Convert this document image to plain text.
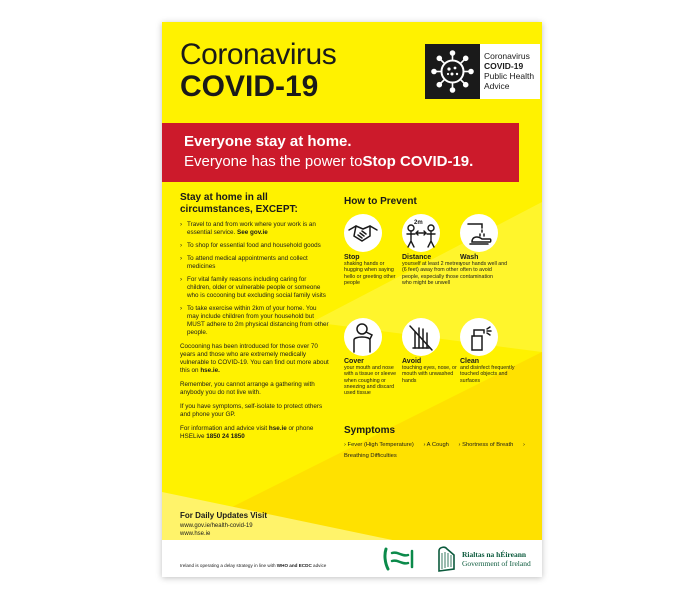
Coronavirus
COVID-19
Coronavirus
COVID-19
Public Health
Advice
Everyone stay at home.
Everyone has the power toStop COVID-19.
Stay at home in all circumstances, EXCEPT:
› Travel to and from work where your work is an essential service. See gov.ie
› To shop for essential food and household goods
› To attend medical appointments and collect medicines
› For vital family reasons including caring for children, older or vulnerable people or someone who is cocooning but excluding social family visits
› To take exercise within 2km of your home. You may include children from your household but MUST adhere to 2m physical distancing from other people.

Cocooning has been introduced for those over 70 years and those who are extremely medically vulnerable to COVID-19. You can find out more about this on hse.ie.

Remember, you cannot arrange a gathering with anybody you do not live with.

If you have symptoms, self-isolate to protect others and phone your GP.

For information and advice visit hse.ie or phone HSELive 1850 24 1850

For Daily Updates Visit
www.gov.ie/health-covid-19
www.hse.ie
How to Prevent
Stop
shaking hands or hugging when saying hello or greeting other people
2m
Distance
yourself at least 2 metres (6 feet) away from other people, especially those who might be unwell
Wash
your hands well and often to avoid contamination
Cover
your mouth and nose with a tissue or sleeve when coughing or sneezing and discard used tissue
Avoid
touching eyes, nose, or mouth with unwashed hands
Clean
and disinfect frequently touched objects and surfaces
Symptoms
› Fever (High Temperature) › A Cough › Shortness of Breath › Breathing Difficulties
Rialtas na hÉireann
Government of Ireland
Ireland is operating a delay strategy in line with WHO and ECDC advice
